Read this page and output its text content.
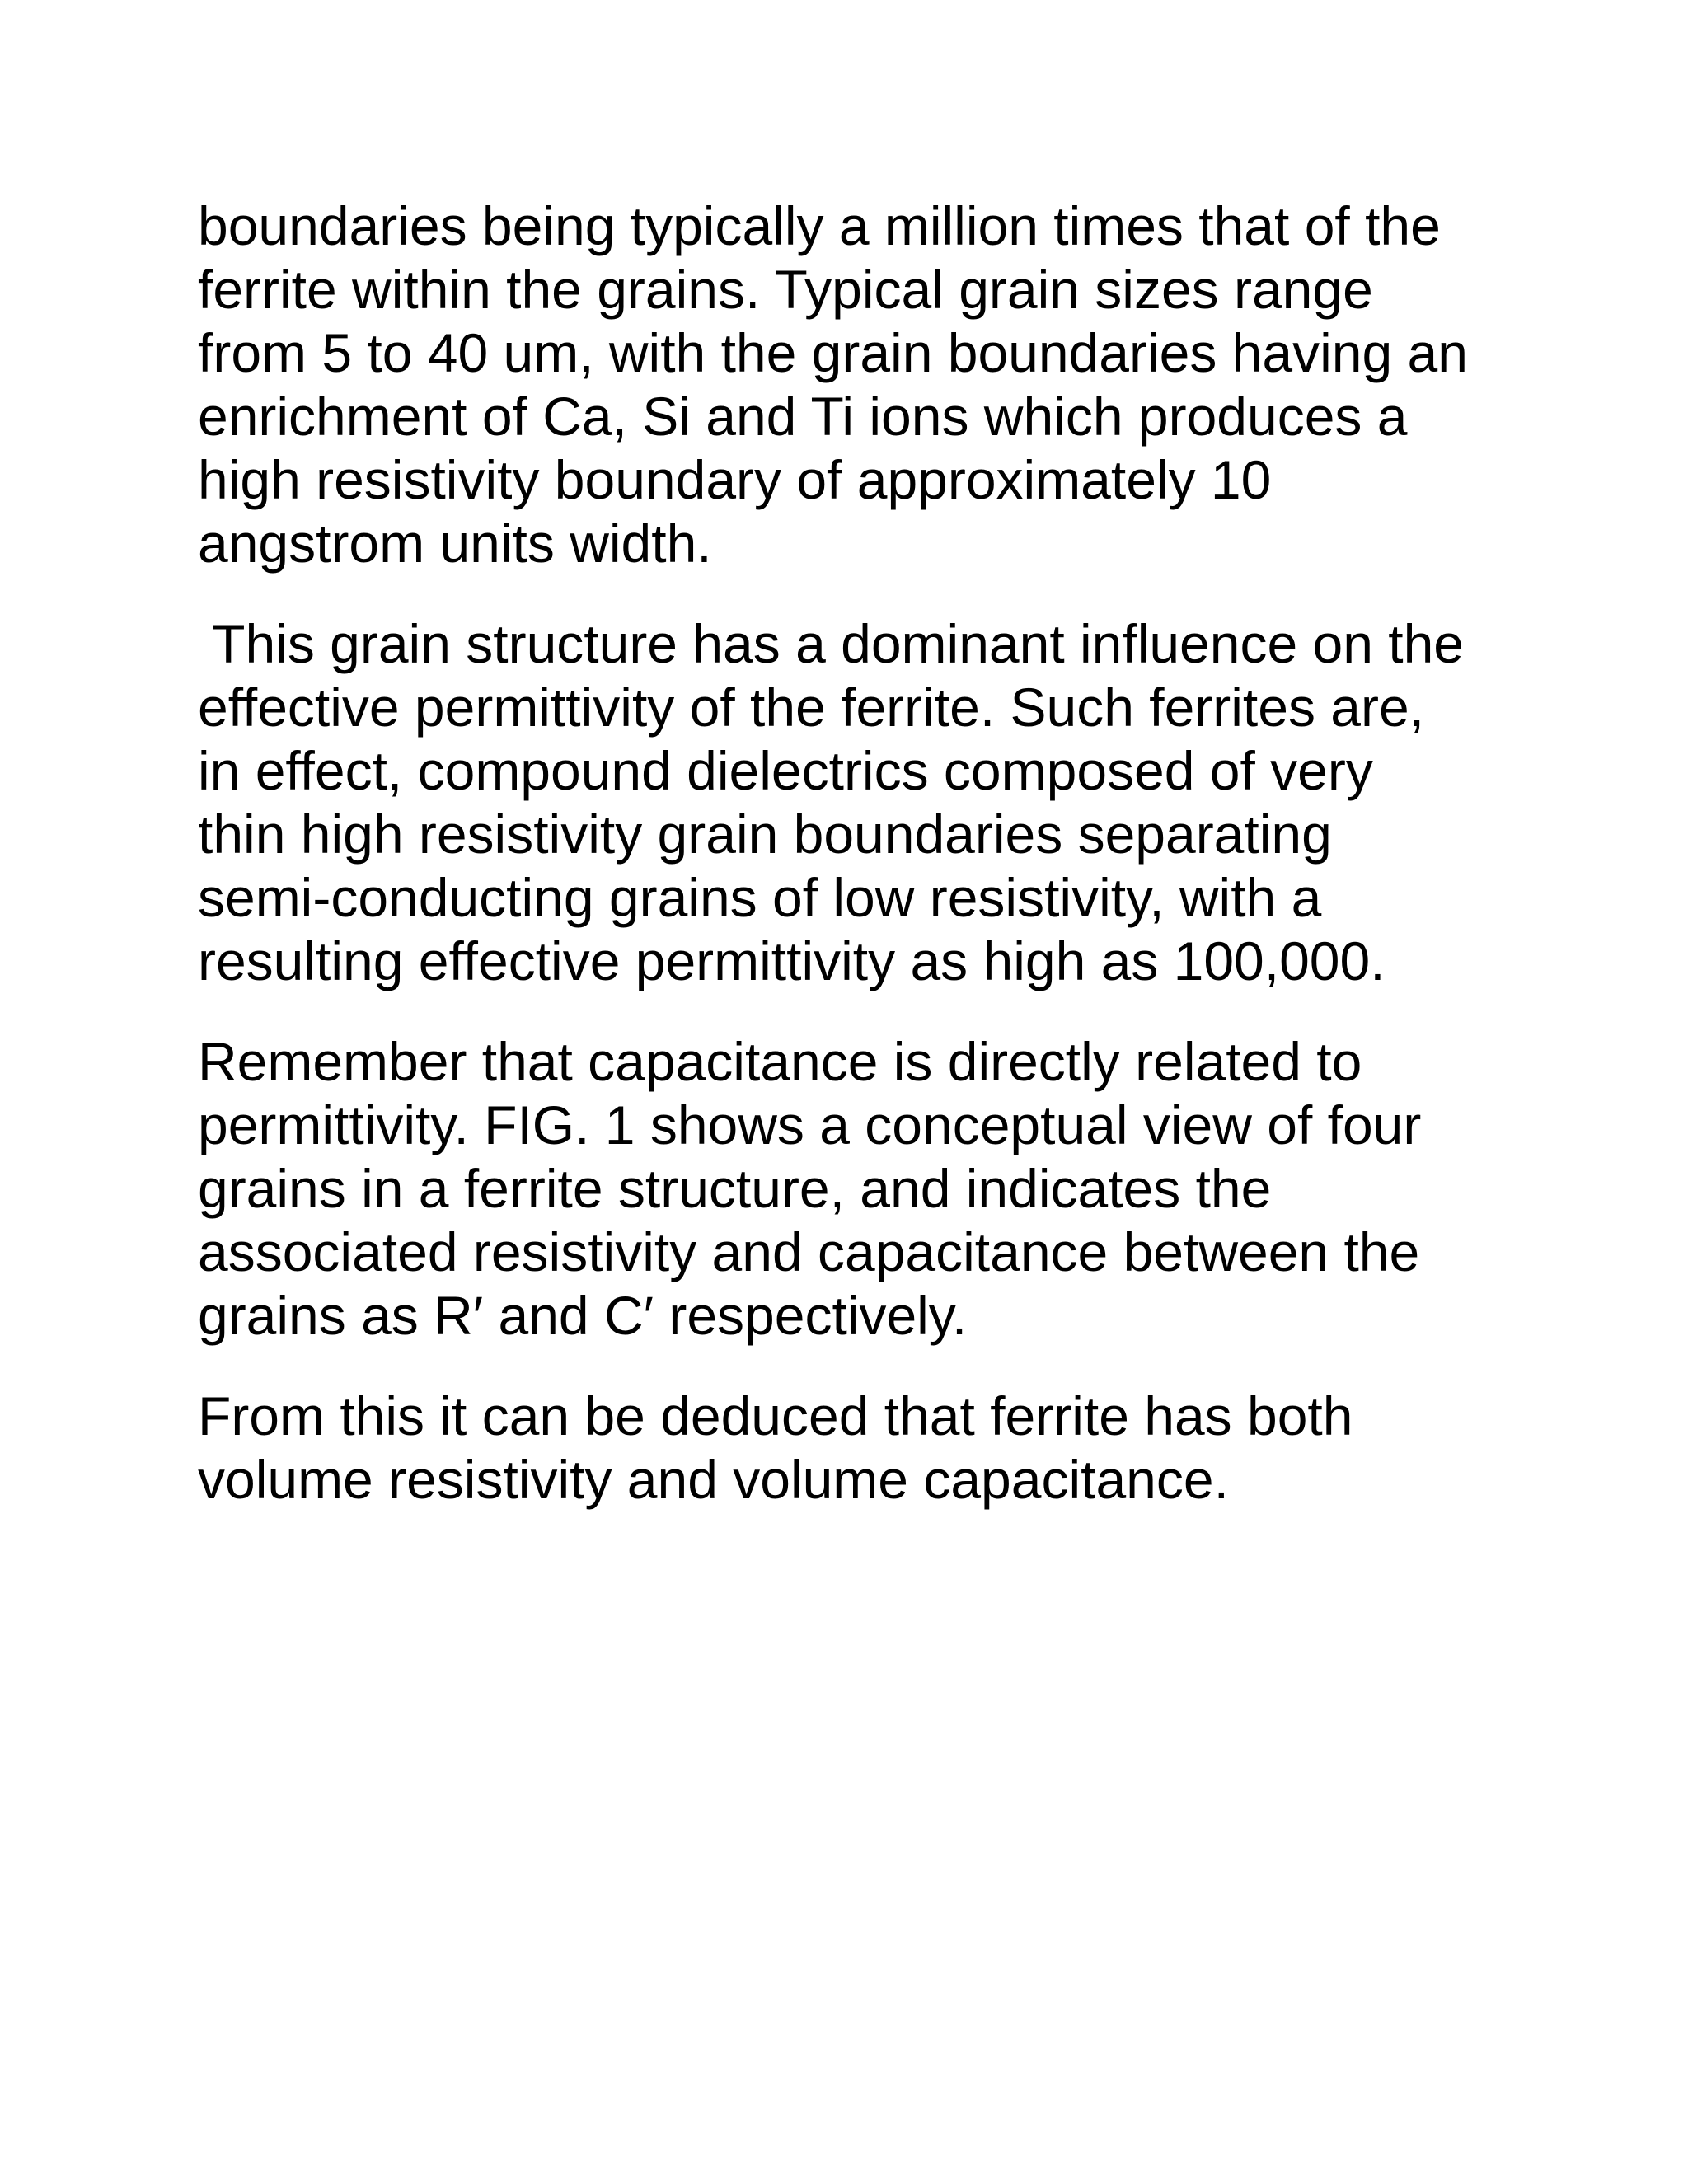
boundaries being typically a million times that of the
ferrite within the grains. Typical grain sizes range
from 5 to 40 um, with the grain boundaries having an
enrichment of Ca, Si and Ti ions which produces a
high resistivity boundary of approximately 10
angstrom units width.

This grain structure has a dominant influence on the
effective permittivity of the ferrite. Such ferrites are,
in effect, compound dielectrics composed of very
thin high resistivity grain boundaries separating
semi-conducting grains of low resistivity, with a
resulting effective permittivity as high as 100,000.

Remember that capacitance is directly related to
permittivity. FIG. 1 shows a conceptual view of four
grains in a ferrite structure, and indicates the
associated resistivity and capacitance between the
grains as R′ and C′ respectively.

From this it can be deduced that ferrite has both
volume resistivity and volume capacitance.
